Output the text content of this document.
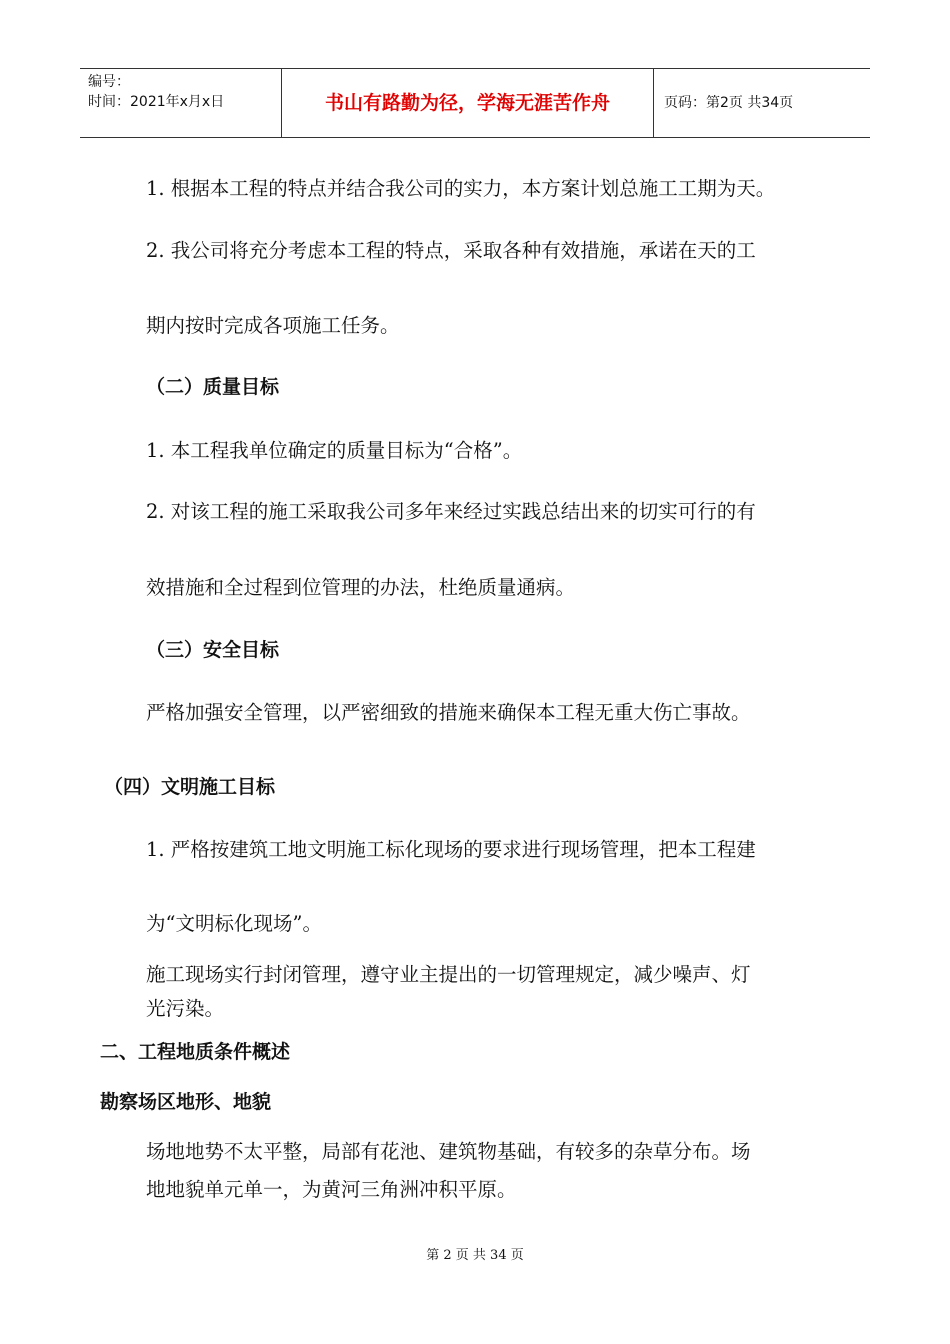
编号：
时间：2021年x月x日	书山有路勤为径，学海无涯苦作舟	页码：第2页 共34页
1. 根据本工程的特点并结合我公司的实力，本方案计划总施工工期为天。
2. 我公司将充分考虑本工程的特点，采取各种有效措施，承诺在天的工
期内按时完成各项施工任务。
（二）质量目标
1. 本工程我单位确定的质量目标为“合格”。
2. 对该工程的施工采取我公司多年来经过实践总结出来的切实可行的有
效措施和全过程到位管理的办法，杜绝质量通病。
（三）安全目标
严格加强安全管理，以严密细致的措施来确保本工程无重大伤亡事故。
（四）文明施工目标
1. 严格按建筑工地文明施工标化现场的要求进行现场管理，把本工程建
为“文明标化现场”。
施工现场实行封闭管理，遵守业主提出的一切管理规定，减少噪声、灯
光污染。
二、工程地质条件概述
勘察场区地形、地貌
场地地势不太平整，局部有花池、建筑物基础，有较多的杂草分布。场
地地貌单元单一，为黄河三角洲冲积平原。
第 2 页 共 34 页
